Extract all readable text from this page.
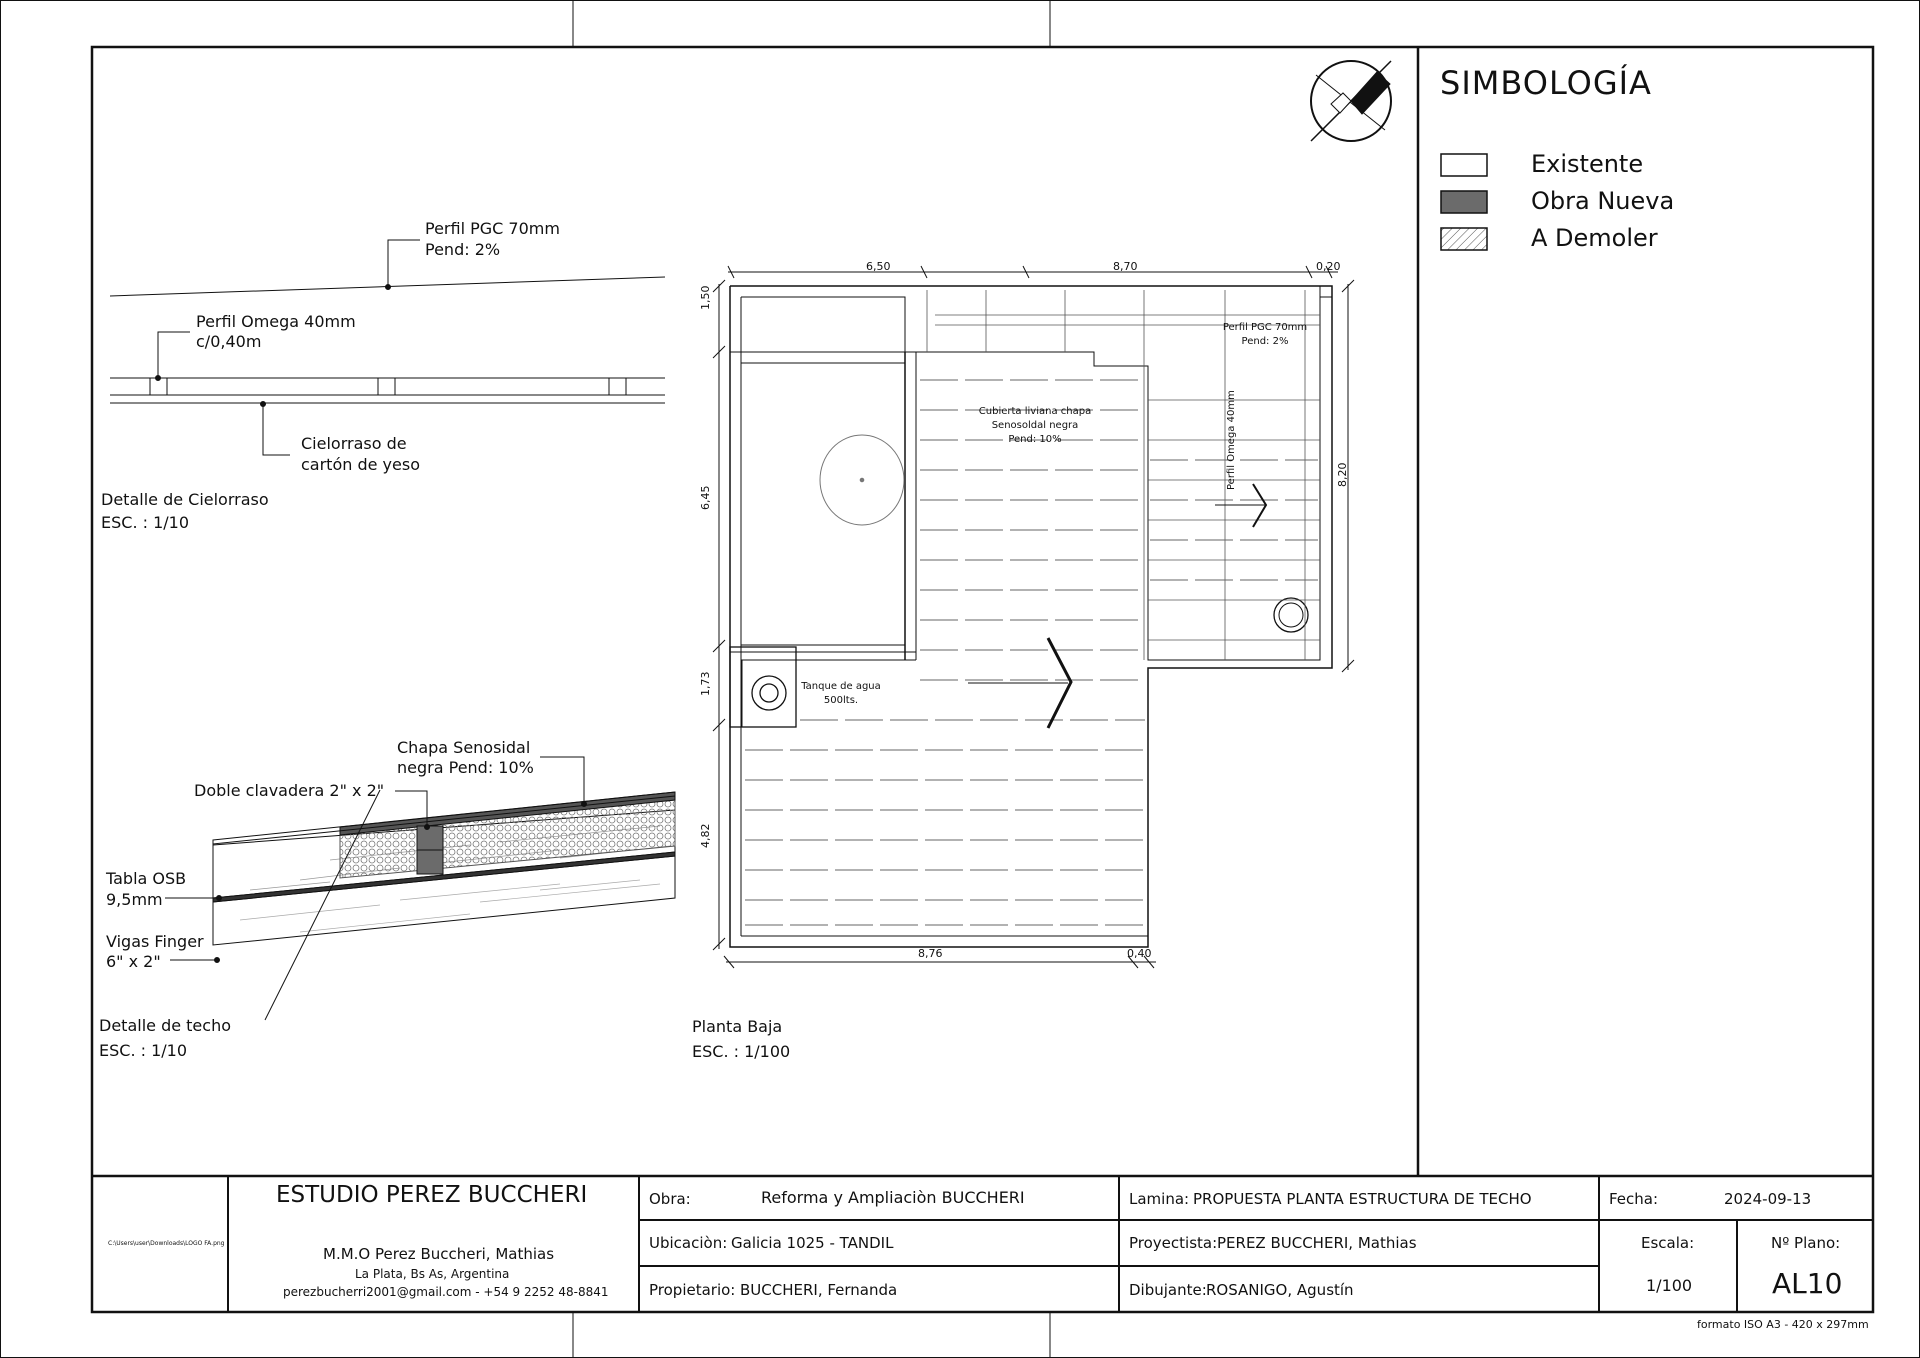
SIMBOLOGÍA
Existente
Obra Nueva
A Demoler
Perfil PGC 70mm
Pend: 2%
Perfil Omega 40mm
c/0,40m
Cielorraso de
cartón de yeso
Detalle de Cielorraso
ESC. : 1/10
Chapa Senosidal
negra Pend: 10%
Doble clavadera 2" x 2"
Tabla OSB
9,5mm
Vigas Finger
6" x 2"
Detalle de techo
ESC. : 1/10
6,50	8,70	0,20
1,50
6,45
1,73
4,82
8,20
8,76	0,40
Perfil PGC 70mm
Pend: 2%
Perfil Omega 40mm
Cubierta liviana chapa
Senosoldal negra
Pend: 10%
Tanque de agua
500lts.
Planta Baja
ESC. : 1/100
C:\Users\user\Downloads\LOGO FA.png
ESTUDIO PEREZ BUCCHERI
M.M.O Perez Buccheri, Mathias
La Plata, Bs As, Argentina
perezbucherri2001@gmail.com - +54 9 2252 48-8841
Obra:	Reforma y Ampliaciòn BUCCHERI
Ubicaciòn: Galicia 1025 - TANDIL
Propietario: BUCCHERI, Fernanda
Lamina: PROPUESTA PLANTA ESTRUCTURA DE TECHO
Proyectista: PEREZ BUCCHERI, Mathias
Dibujante: ROSANIGO, Agustín
Fecha:	2024-09-13
Escala:
1/100
Nº Plano:
AL10
formato ISO A3 - 420 x 297mm
